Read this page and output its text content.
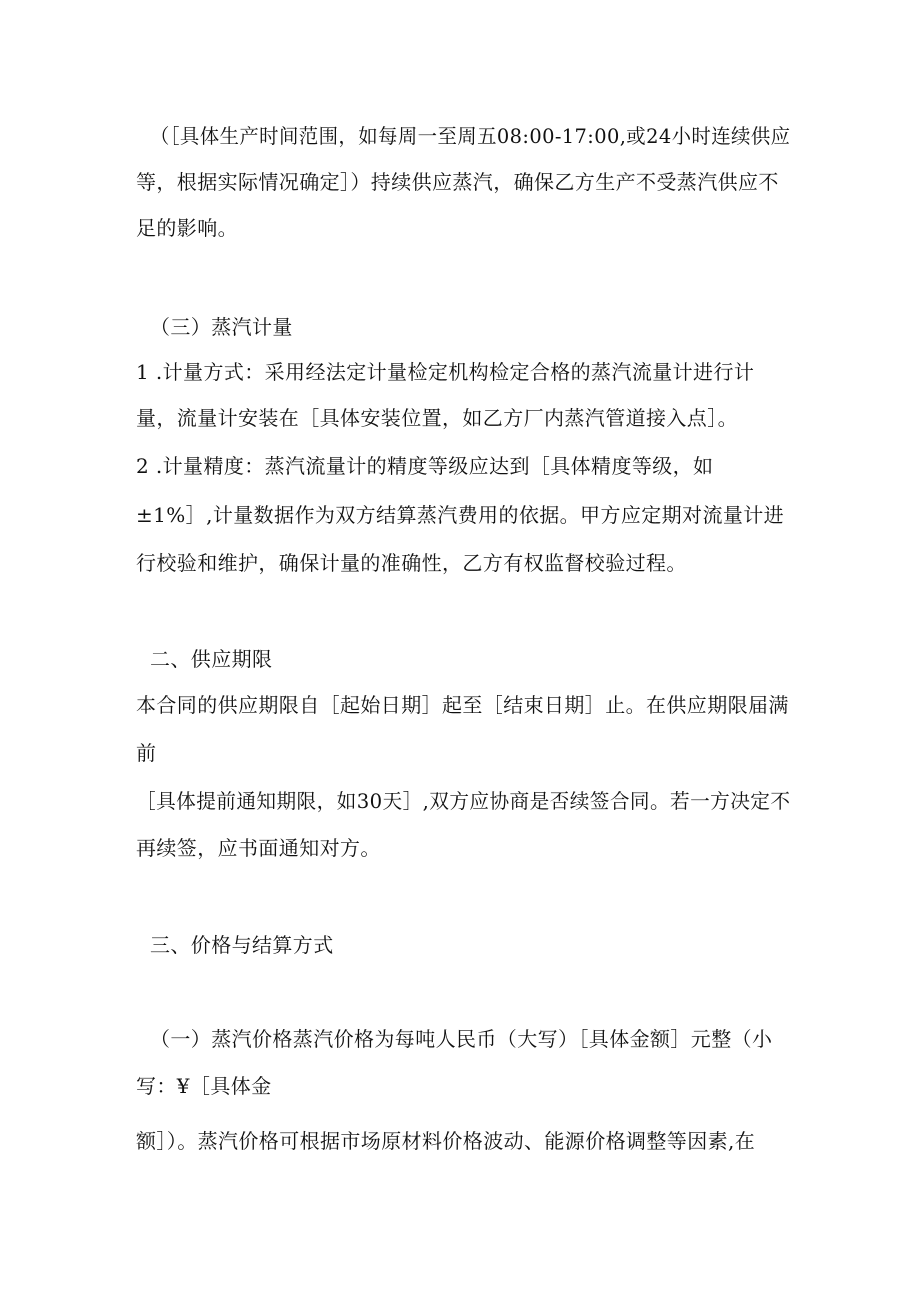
（［具体生产时间范围，如每周一至周五08:00-17:00,或24小时连续供应
等，根据实际情况确定］）持续供应蒸汽，确保乙方生产不受蒸汽供应不
足的影响。
（三）蒸汽计量
1 .计量方式：采用经法定计量检定机构检定合格的蒸汽流量计进行计
量，流量计安装在［具体安装位置，如乙方厂内蒸汽管道接入点］。
2 .计量精度：蒸汽流量计的精度等级应达到［具体精度等级，如
±1%］,计量数据作为双方结算蒸汽费用的依据。甲方应定期对流量计进
行校验和维护，确保计量的准确性，乙方有权监督校验过程。
二、供应期限
本合同的供应期限自［起始日期］起至［结束日期］止。在供应期限届满
前
［具体提前通知期限，如30天］,双方应协商是否续签合同。若一方决定不
再续签，应书面通知对方。
三、价格与结算方式
（一）蒸汽价格蒸汽价格为每吨人民币（大写）［具体金额］元整（小
写：¥［具体金
额］）。蒸汽价格可根据市场原材料价格波动、能源价格调整等因素,在
